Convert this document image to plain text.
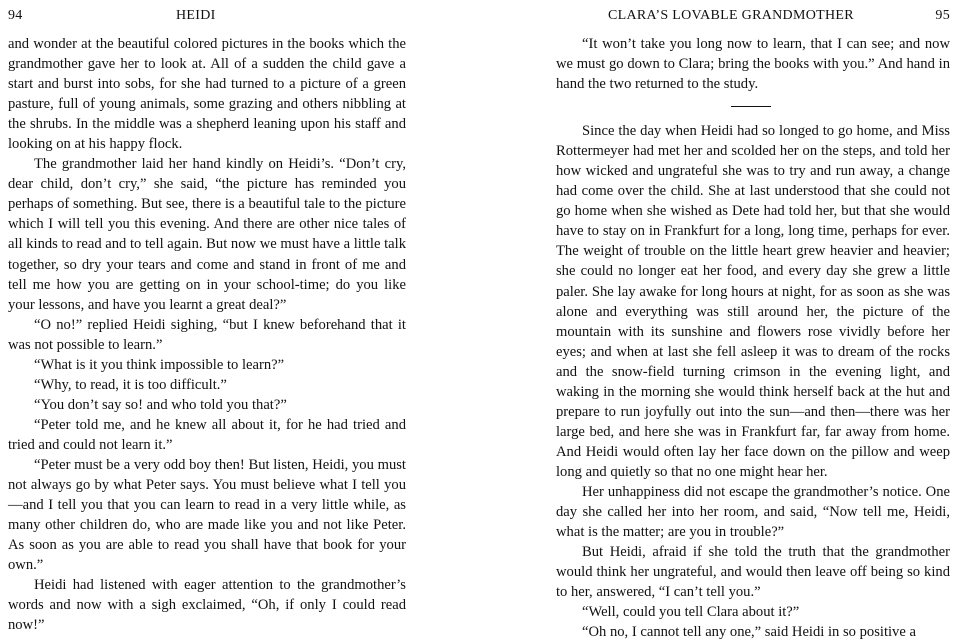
94	HEIDI

and wonder at the beautiful colored pictures in the books which the grandmother gave her to look at. All of a sudden the child gave a start and burst into sobs, for she had turned to a picture of a green pasture, full of young animals, some grazing and others nibbling at the shrubs. In the middle was a shepherd leaning upon his staff and looking on at his happy flock.

The grandmother laid her hand kindly on Heidi’s. “Don’t cry, dear child, don’t cry,” she said, “the picture has reminded you perhaps of something. But see, there is a beautiful tale to the picture which I will tell you this evening. And there are other nice tales of all kinds to read and to tell again. But now we must have a little talk together, so dry your tears and come and stand in front of me and tell me how you are getting on in your school-time; do you like your lessons, and have you learnt a great deal?”

“O no!” replied Heidi sighing, “but I knew beforehand that it was not possible to learn.”

“What is it you think impossible to learn?”

“Why, to read, it is too difficult.”

“You don’t say so! and who told you that?”

“Peter told me, and he knew all about it, for he had tried and tried and could not learn it.”

“Peter must be a very odd boy then! But listen, Heidi, you must not always go by what Peter says. You must believe what I tell you—and I tell you that you can learn to read in a very little while, as many other children do, who are made like you and not like Peter. As soon as you are able to read you shall have that book for your own.”

Heidi had listened with eager attention to the grandmother’s words and now with a sigh exclaimed, “Oh, if only I could read now!”

CLARA’S LOVABLE GRANDMOTHER	95

“It won’t take you long now to learn, that I can see; and now we must go down to Clara; bring the books with you.” And hand in hand the two returned to the study.

Since the day when Heidi had so longed to go home, and Miss Rottermeyer had met her and scolded her on the steps, and told her how wicked and ungrateful she was to try and run away, a change had come over the child. She at last understood that she could not go home when she wished as Dete had told her, but that she would have to stay on in Frankfurt for a long, long time, perhaps for ever. The weight of trouble on the little heart grew heavier and heavier; she could no longer eat her food, and every day she grew a little paler. She lay awake for long hours at night, for as soon as she was alone and everything was still around her, the picture of the mountain with its sunshine and flowers rose vividly before her eyes; and when at last she fell asleep it was to dream of the rocks and the snow-field turning crimson in the evening light, and waking in the morning she would think herself back at the hut and prepare to run joyfully out into the sun—and then—there was her large bed, and here she was in Frankfurt far, far away from home. And Heidi would often lay her face down on the pillow and weep long and quietly so that no one might hear her.

Her unhappiness did not escape the grandmother’s notice. One day she called her into her room, and said, “Now tell me, Heidi, what is the matter; are you in trouble?”

But Heidi, afraid if she told the truth that the grandmother would think her ungrateful, and would then leave off being so kind to her, answered, “I can’t tell you.”

“Well, could you tell Clara about it?”

“Oh no, I cannot tell any one,” said Heidi in so positive a
